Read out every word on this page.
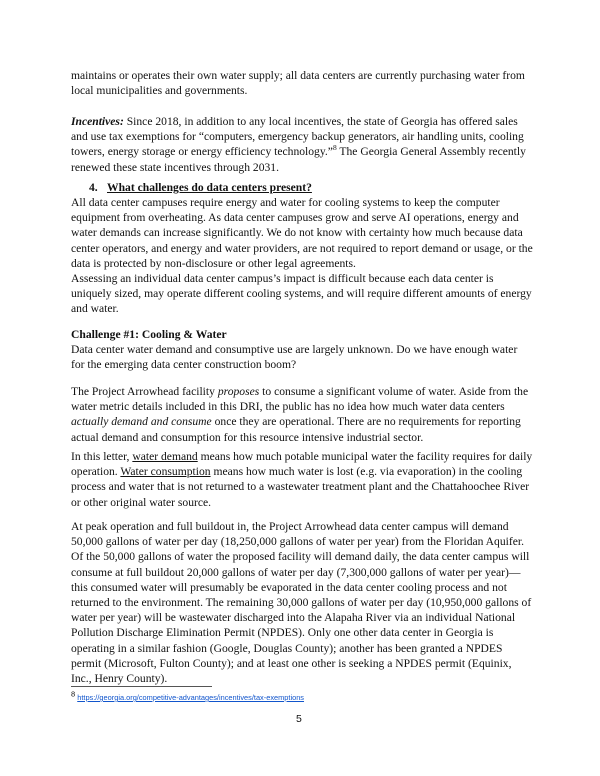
maintains or operates their own water supply; all data centers are currently purchasing water from local municipalities and governments.

Incentives: Since 2018, in addition to any local incentives, the state of Georgia has offered sales and use tax exemptions for “computers, emergency backup generators, air handling units, cooling towers, energy storage or energy efficiency technology.”$^8$ The Georgia General Assembly recently renewed these state incentives through 2031.

4. What challenges do data centers present?

All data center campuses require energy and water for cooling systems to keep the computer equipment from overheating. As data center campuses grow and serve AI operations, energy and water demands can increase significantly. We do not know with certainty how much because data center operators, and energy and water providers, are not required to report demand or usage, or the data is protected by non-disclosure or other legal agreements.

Assessing an individual data center campus’s impact is difficult because each data center is uniquely sized, may operate different cooling systems, and will require different amounts of energy and water.

Challenge #1: Cooling & Water

Data center water demand and consumptive use are largely unknown. Do we have enough water for the emerging data center construction boom?

The Project Arrowhead facility proposes to consume a significant volume of water. Aside from the water metric details included in this DRI, the public has no idea how much water data centers actually demand and consume once they are operational. There are no requirements for reporting actual demand and consumption for this resource intensive industrial sector.

In this letter, water demand means how much potable municipal water the facility requires for daily operation. Water consumption means how much water is lost (e.g. via evaporation) in the cooling process and water that is not returned to a wastewater treatment plant and the Chattahoochee River or other original water source.

At peak operation and full buildout in, the Project Arrowhead data center campus will demand 50,000 gallons of water per day (18,250,000 gallons of water per year) from the Floridan Aquifer. Of the 50,000 gallons of water the proposed facility will demand daily, the data center campus will consume at full buildout 20,000 gallons of water per day (7,300,000 gallons of water per year)—this consumed water will presumably be evaporated in the data center cooling process and not returned to the environment. The remaining 30,000 gallons of water per day (10,950,000 gallons of water per year) will be wastewater discharged into the Alapaha River via an individual National Pollution Discharge Elimination Permit (NPDES). Only one other data center in Georgia is operating in a similar fashion (Google, Douglas County); another has been granted a NPDES permit (Microsoft, Fulton County); and at least one other is seeking a NPDES permit (Equinix, Inc., Henry County).

$^8$ https://georgia.org/competitive-advantages/incentives/tax-exemptions
5
